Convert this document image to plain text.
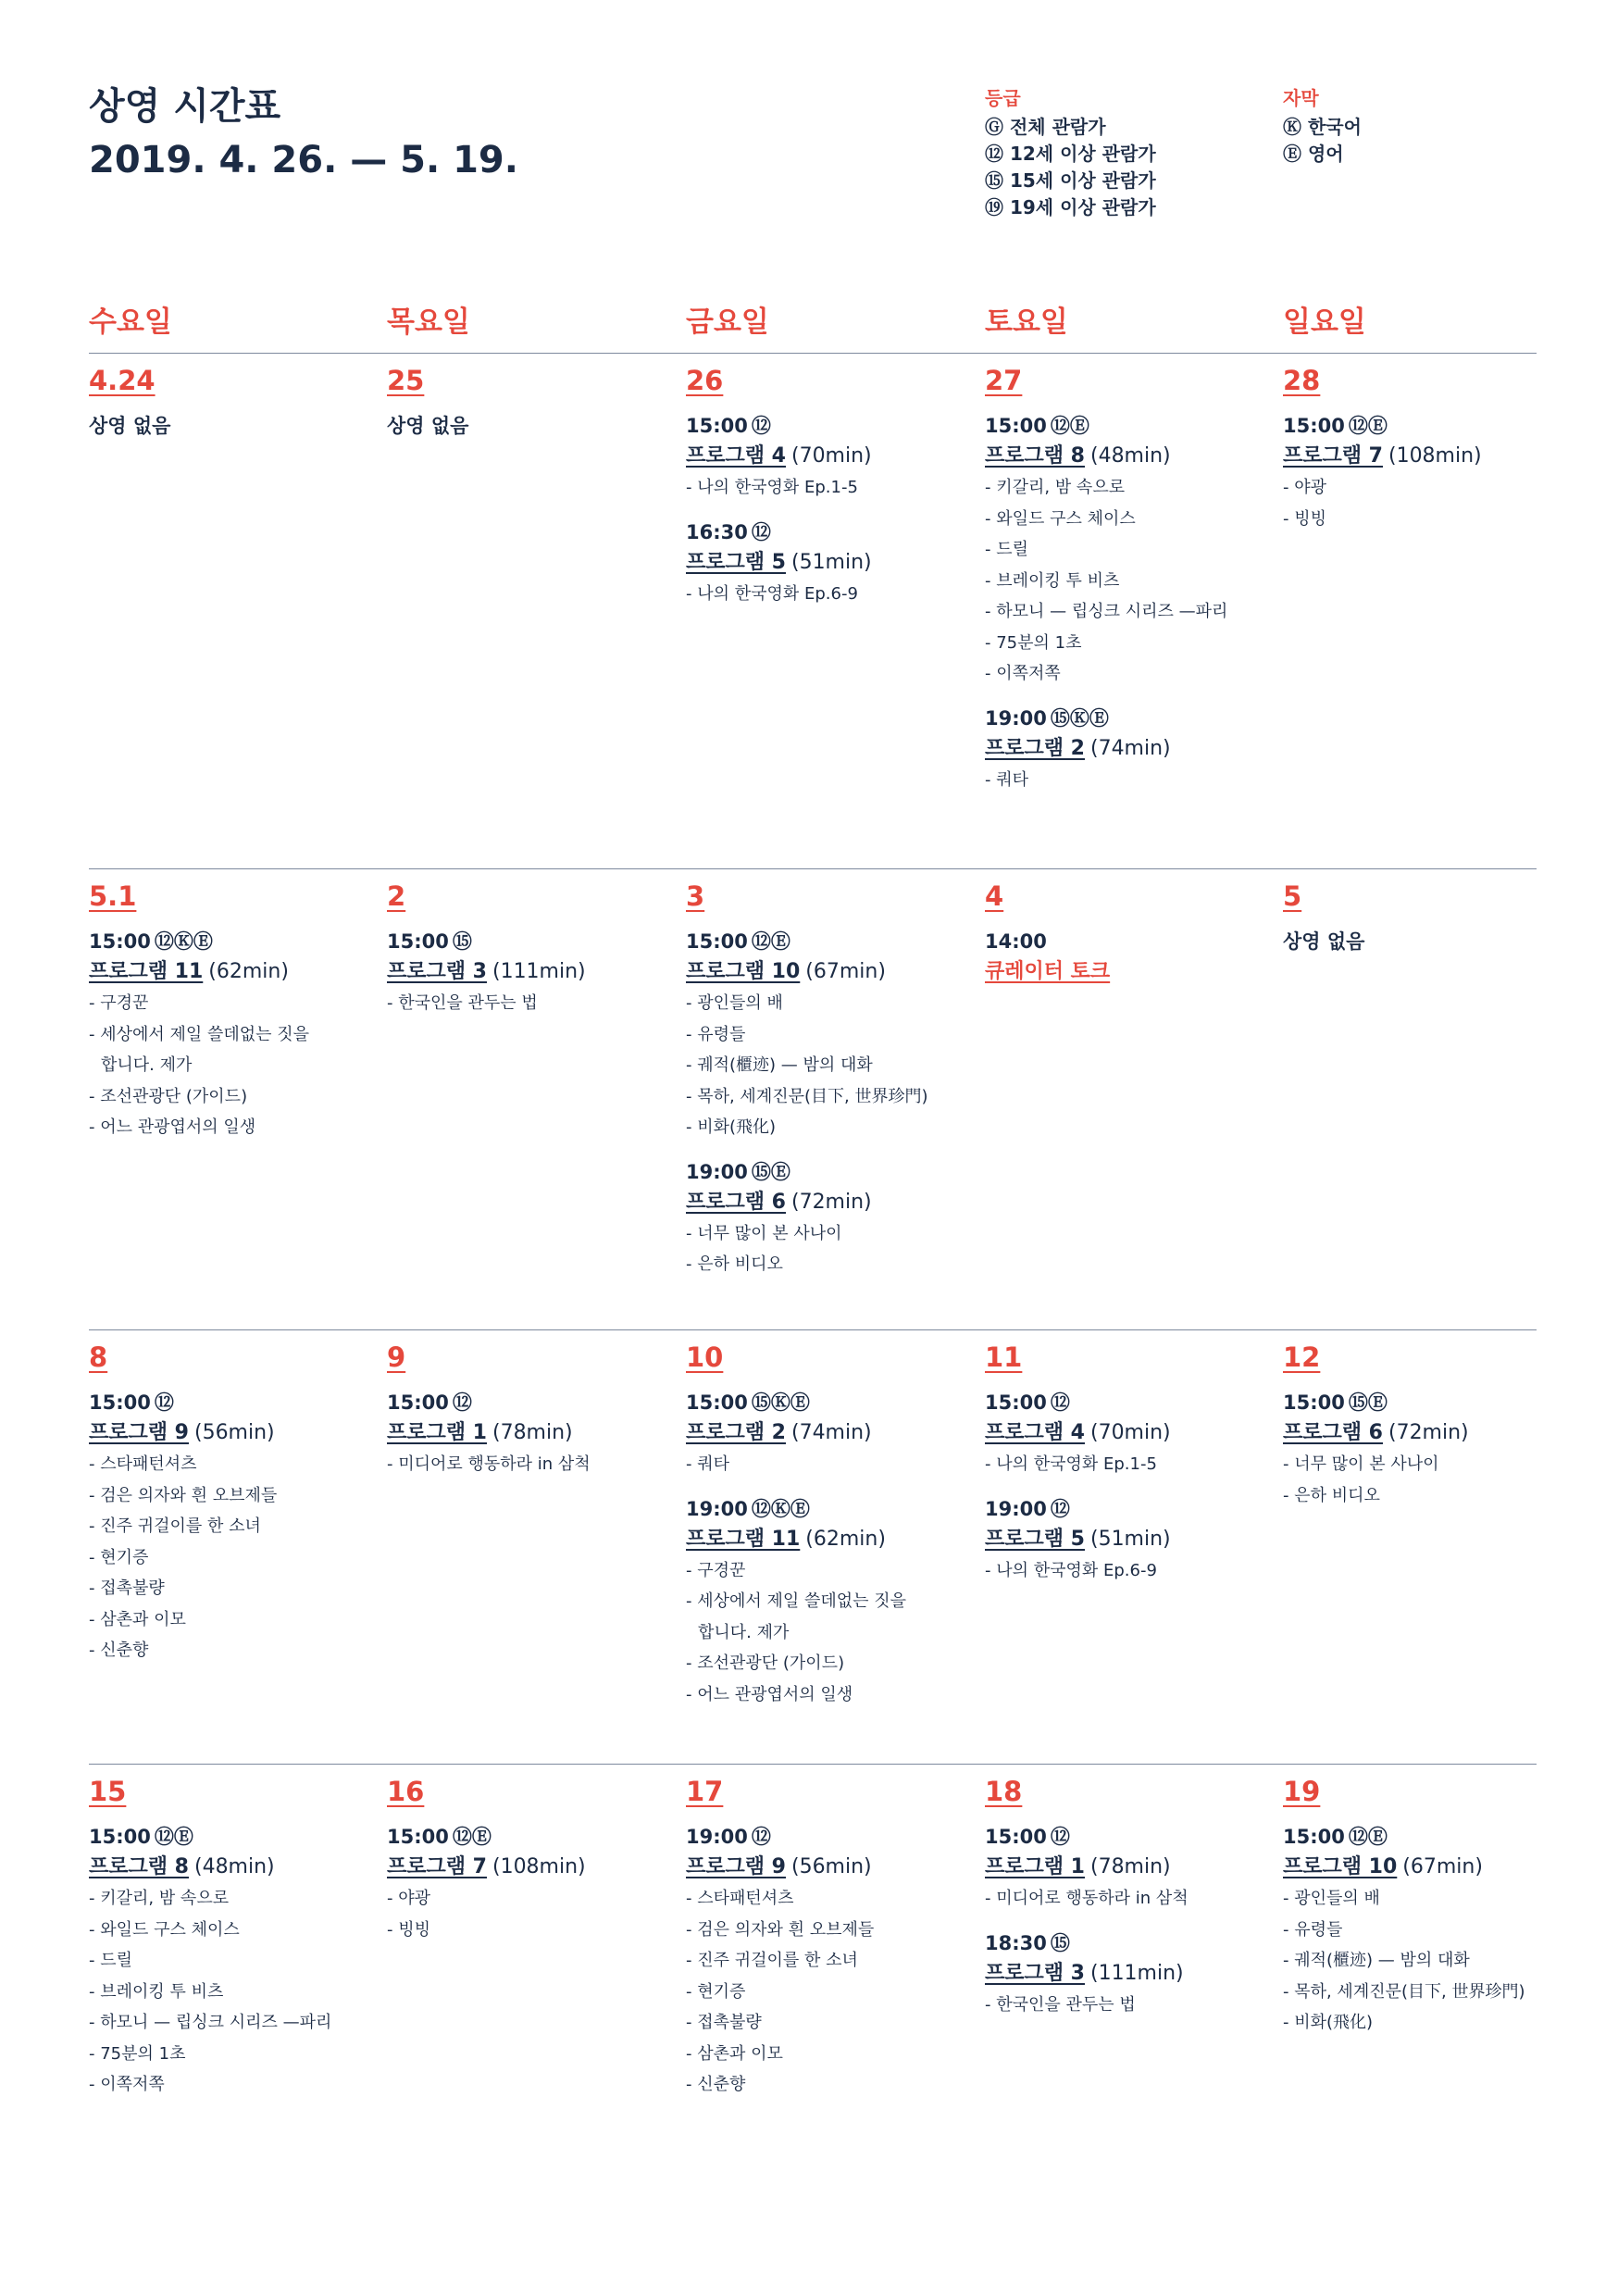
상영 시간표
2019. 4. 26. — 5. 19.
등급
Ⓖ 전체 관람가
⑫ 12세 이상 관람가
⑮ 15세 이상 관람가
⑲ 19세 이상 관람가
자막
Ⓚ 한국어
Ⓔ 영어
수요일	목요일	금요일	토요일	일요일
4.24
상영 없음
25
상영 없음
26
15:00 ⑫
프로그램 4 (70min)
- 나의 한국영화 Ep.1-5
16:30 ⑫
프로그램 5 (51min)
- 나의 한국영화 Ep.6-9
27
15:00 ⑫Ⓔ
프로그램 8 (48min)
- 키갈리, 밤 속으로
- 와일드 구스 체이스
- 드릴
- 브레이킹 투 비츠
- 하모니 — 립싱크 시리즈 —파리
- 75분의 1초
- 이쪽저쪽
19:00 ⑮ⓀⒺ
프로그램 2 (74min)
- 쿼타
28
15:00 ⑫Ⓔ
프로그램 7 (108min)
- 야광
- 빙빙
5.1
15:00 ⑫ⓀⒺ
프로그램 11 (62min)
- 구경꾼
- 세상에서 제일 쓸데없는 짓을
합니다. 제가
- 조선관광단 (가이드)
- 어느 관광엽서의 일생
2
15:00 ⑮
프로그램 3 (111min)
- 한국인을 관두는 법
3
15:00 ⑫Ⓔ
프로그램 10 (67min)
- 광인들의 배
- 유령들
- 궤적(櫃迹) — 밤의 대화
- 목하, 세계진문(目下, 世界珍門)
- 비화(飛化)
19:00 ⑮Ⓔ
프로그램 6 (72min)
- 너무 많이 본 사나이
- 은하 비디오
4
14:00
큐레이터 토크
5
상영 없음
8
15:00 ⑫
프로그램 9 (56min)
- 스타패턴셔츠
- 검은 의자와 흰 오브제들
- 진주 귀걸이를 한 소녀
- 현기증
- 접촉불량
- 삼촌과 이모
- 신춘향
9
15:00 ⑫
프로그램 1 (78min)
- 미디어로 행동하라 in 삼척
10
15:00 ⑮ⓀⒺ
프로그램 2 (74min)
- 쿼타
19:00 ⑫ⓀⒺ
프로그램 11 (62min)
- 구경꾼
- 세상에서 제일 쓸데없는 짓을
합니다. 제가
- 조선관광단 (가이드)
- 어느 관광엽서의 일생
11
15:00 ⑫
프로그램 4 (70min)
- 나의 한국영화 Ep.1-5
19:00 ⑫
프로그램 5 (51min)
- 나의 한국영화 Ep.6-9
12
15:00 ⑮Ⓔ
프로그램 6 (72min)
- 너무 많이 본 사나이
- 은하 비디오
15
15:00 ⑫Ⓔ
프로그램 8 (48min)
- 키갈리, 밤 속으로
- 와일드 구스 체이스
- 드릴
- 브레이킹 투 비츠
- 하모니 — 립싱크 시리즈 —파리
- 75분의 1초
- 이쪽저쪽
16
15:00 ⑫Ⓔ
프로그램 7 (108min)
- 야광
- 빙빙
17
19:00 ⑫
프로그램 9 (56min)
- 스타패턴셔츠
- 검은 의자와 흰 오브제들
- 진주 귀걸이를 한 소녀
- 현기증
- 접촉불량
- 삼촌과 이모
- 신춘향
18
15:00 ⑫
프로그램 1 (78min)
- 미디어로 행동하라 in 삼척
18:30 ⑮
프로그램 3 (111min)
- 한국인을 관두는 법
19
15:00 ⑫Ⓔ
프로그램 10 (67min)
- 광인들의 배
- 유령들
- 궤적(櫃迹) — 밤의 대화
- 목하, 세계진문(目下, 世界珍門)
- 비화(飛化)
